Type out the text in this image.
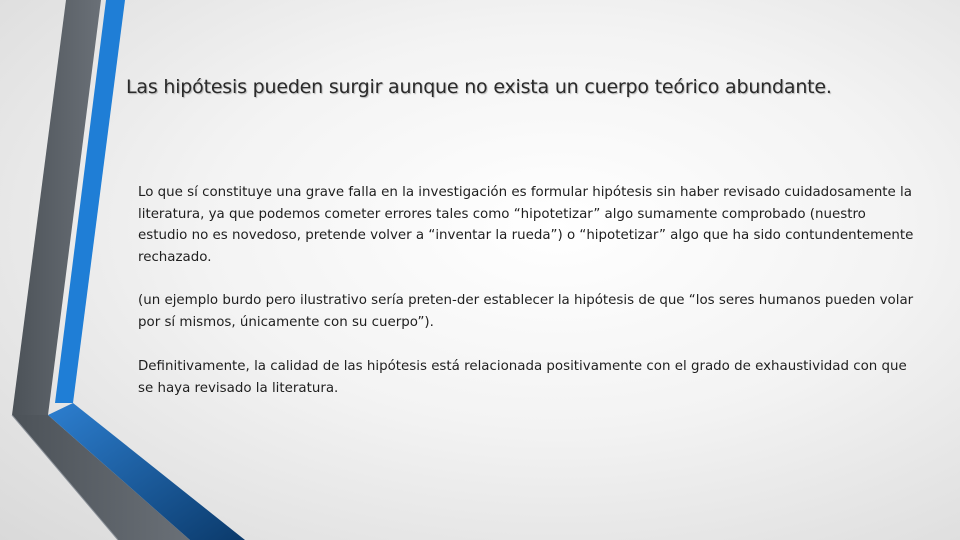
Las hipótesis pueden surgir aunque no exista un cuerpo teórico abundante.

Lo que sí constituye una grave falla en la investigación es formular hipótesis sin haber revisado cuidadosamente la literatura, ya que podemos cometer errores tales como “hipotetizar” algo sumamente comprobado (nuestro estudio no es novedoso, pretende volver a “inventar la rueda”) o “hipotetizar” algo que ha sido contundentemente rechazado.

(un ejemplo burdo pero ilustrativo sería preten-der establecer la hipótesis de que “los seres humanos pueden volar por sí mismos, únicamente con su cuerpo”).

Definitivamente, la calidad de las hipótesis está relacionada positivamente con el grado de exhaustividad con que se haya revisado la literatura.
